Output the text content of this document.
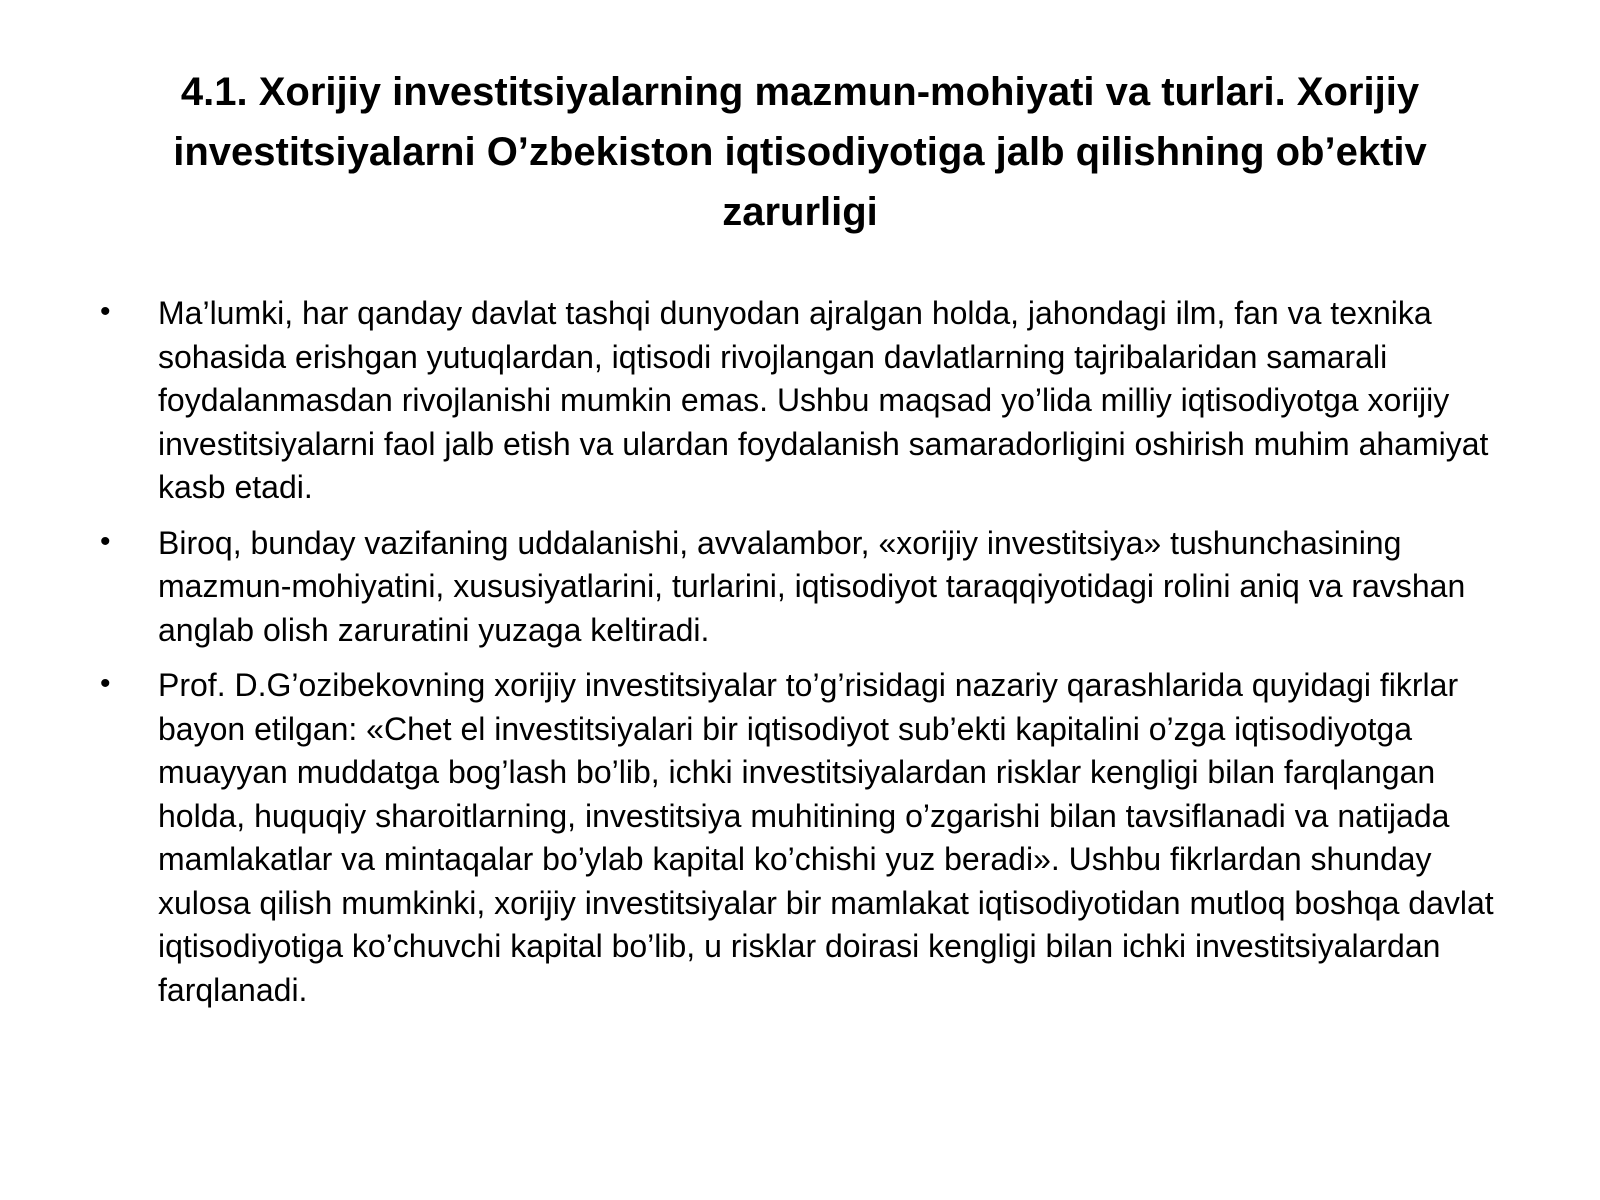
4.1. Xorijiy investitsiyalarning mazmun-mohiyati va turlari. Xorijiy investitsiyalarni O’zbekiston iqtisodiyotiga jalb qilishning ob’ektiv zarurligi
• Ma’lumki, har qanday davlat tashqi dunyodan ajralgan holda, jahondagi ilm, fan va texnika sohasida erishgan yutuqlardan, iqtisodi rivojlangan davlatlarning tajribalaridan samarali foydalanmasdan rivojlanishi mumkin emas. Ushbu maqsad yo’lida milliy iqtisodiyotga xorijiy investitsiyalarni faol jalb etish va ulardan foydalanish samaradorligini oshirish muhim ahamiyat kasb etadi.
• Biroq, bunday vazifaning uddalanishi, avvalambor, «xorijiy investitsiya» tushunchasining mazmun-mohiyatini, xususiyatlarini, turlarini, iqtisodiyot taraqqiyotidagi rolini aniq va ravshan anglab olish zaruratini yuzaga keltiradi.
• Prof. D.G’ozibekovning xorijiy investitsiyalar to’g’risidagi nazariy qarashlarida quyidagi fikrlar bayon etilgan: «Chet el investitsiyalari bir iqtisodiyot sub’ekti kapitalini o’zga iqtisodiyotga muayyan muddatga bog’lash bo’lib, ichki investitsiyalardan risklar kengligi bilan farqlangan holda, huquqiy sharoitlarning, investitsiya muhitining o’zgarishi bilan tavsiflanadi va natijada mamlakatlar va mintaqalar bo’ylab kapital ko’chishi yuz beradi». Ushbu fikrlardan shunday xulosa qilish mumkinki, xorijiy investitsiyalar bir mamlakat iqtisodiyotidan mutloq boshqa davlat iqtisodiyotiga ko’chuvchi kapital bo’lib, u risklar doirasi kengligi bilan ichki investitsiyalardan farqlanadi.
